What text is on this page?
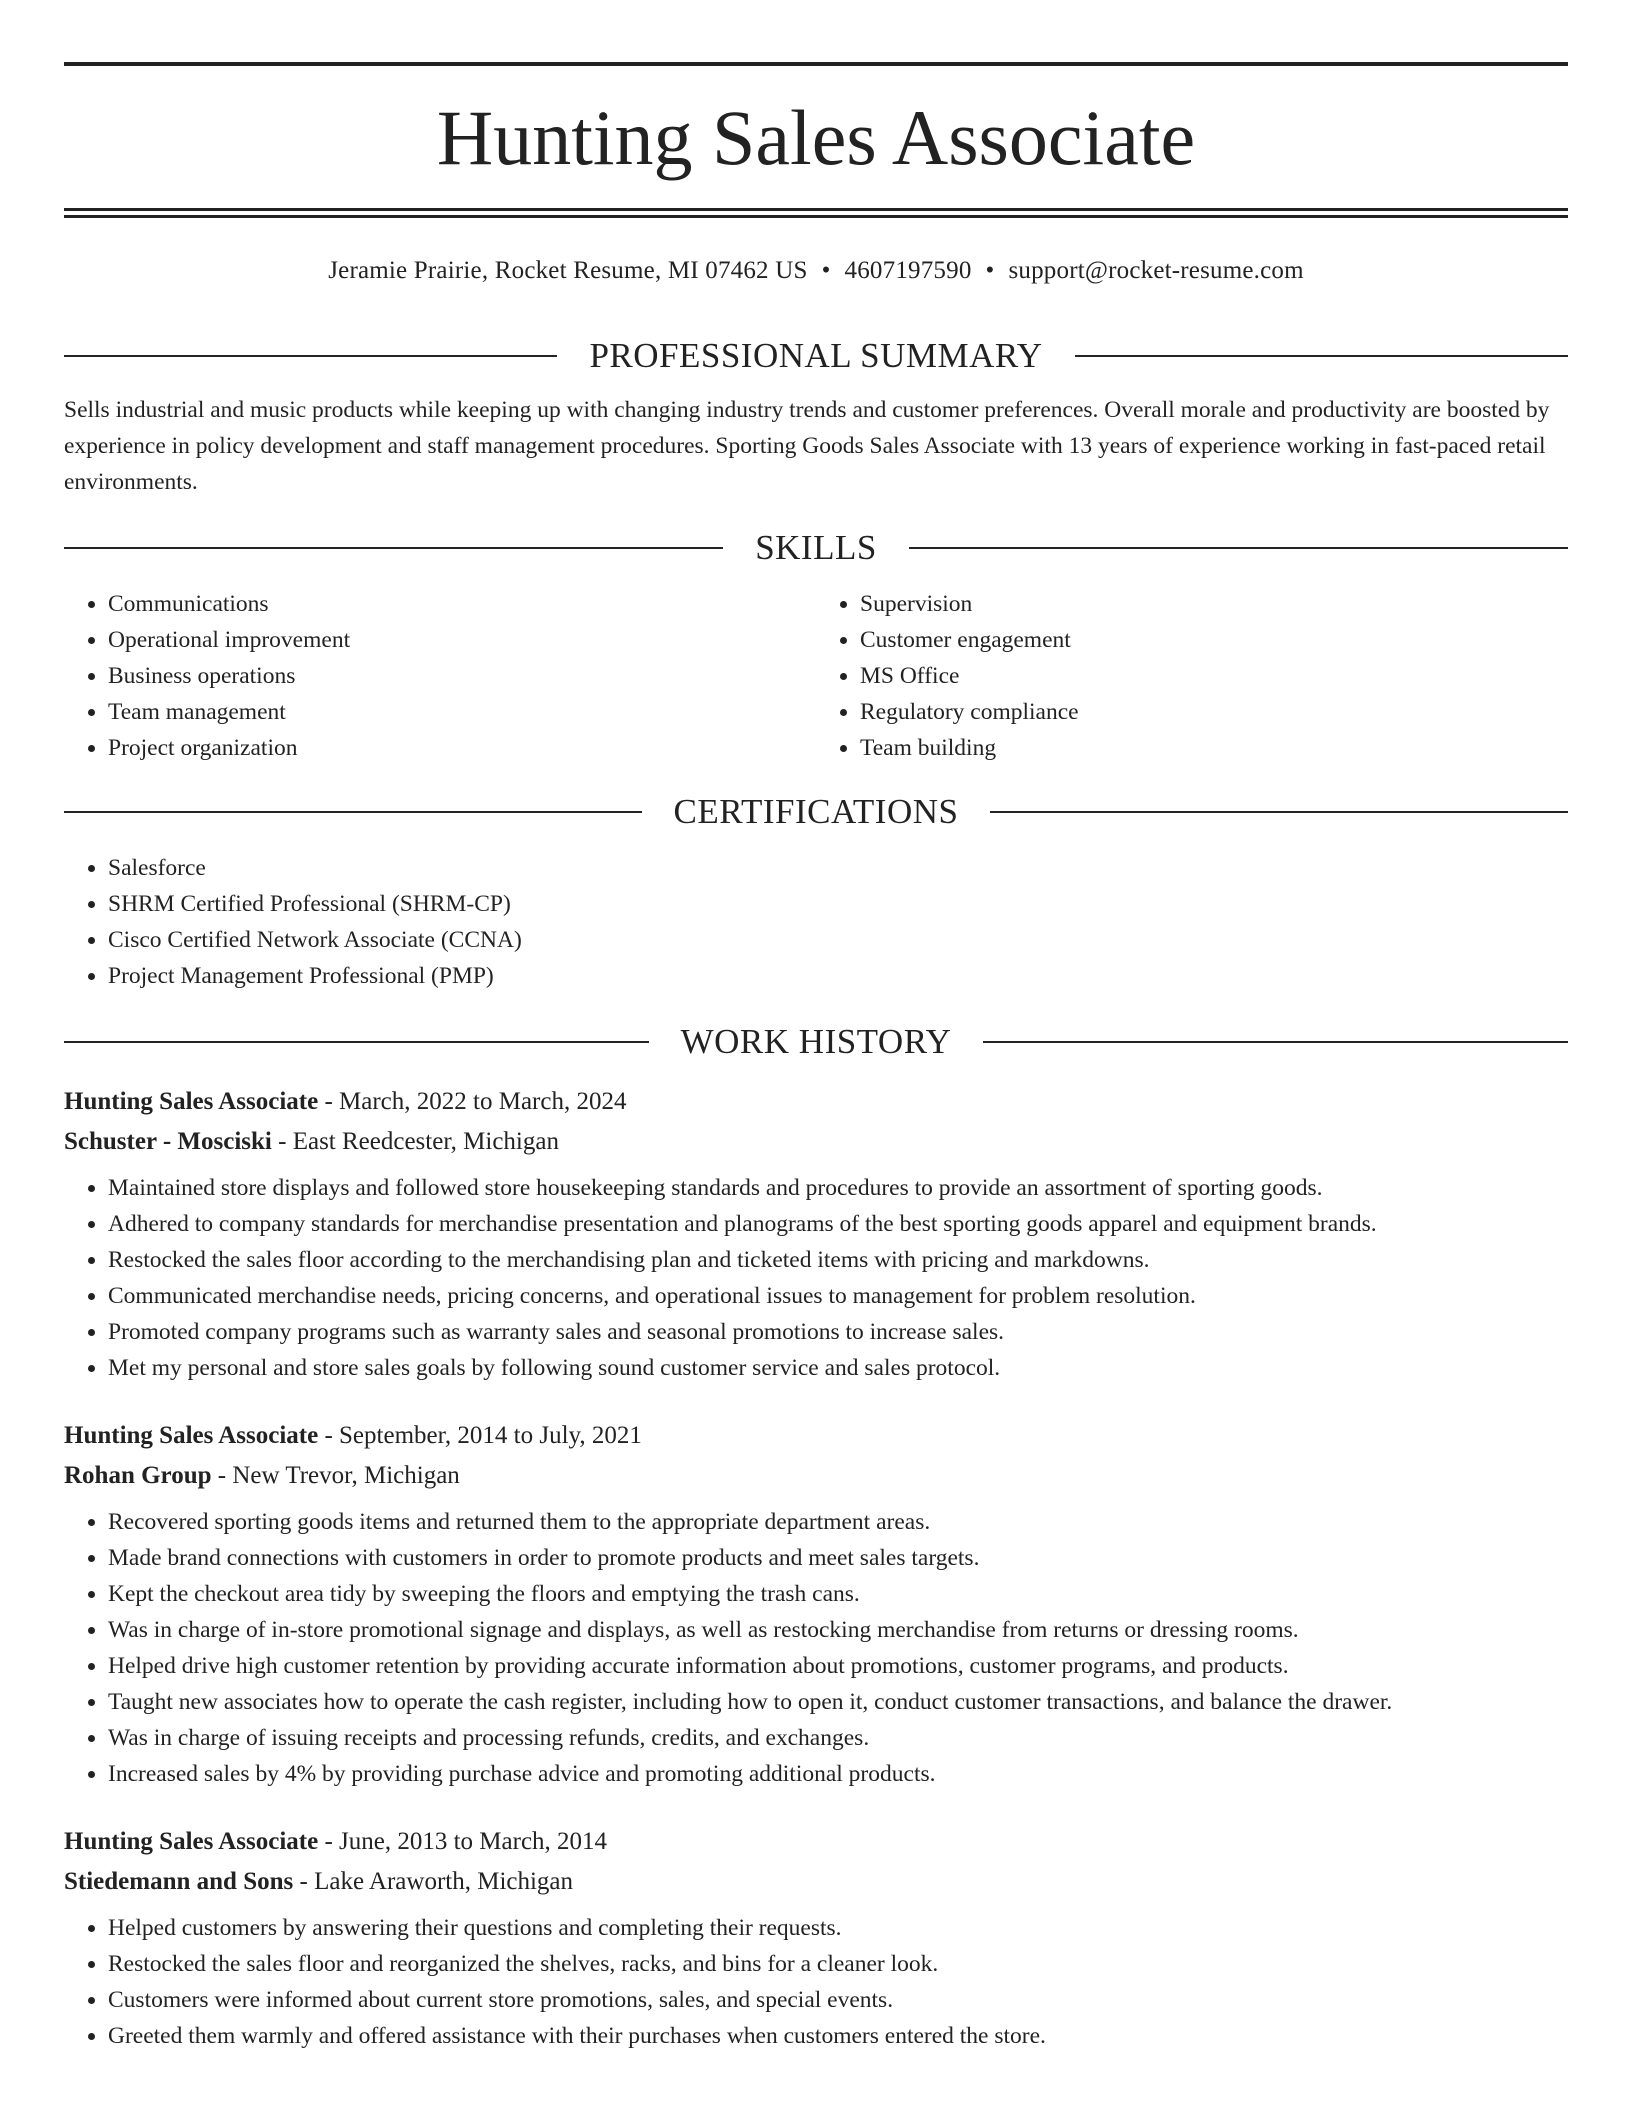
Hunting Sales Associate
Jeramie Prairie, Rocket Resume, MI 07462 US • 4607197590 • support@rocket-resume.com
PROFESSIONAL SUMMARY

Sells industrial and music products while keeping up with changing industry trends and customer preferences. Overall morale and productivity are boosted by experience in policy development and staff management procedures. Sporting Goods Sales Associate with 13 years of experience working in fast-paced retail environments.

SKILLS
• Communications
• Operational improvement
• Business operations
• Team management
• Project organization
• Supervision
• Customer engagement
• MS Office
• Regulatory compliance
• Team building
CERTIFICATIONS
• Salesforce
• SHRM Certified Professional (SHRM-CP)
• Cisco Certified Network Associate (CCNA)
• Project Management Professional (PMP)
WORK HISTORY

Hunting Sales Associate - March, 2022 to March, 2024

Schuster - Mosciski - East Reedcester, Michigan

• Maintained store displays and followed store housekeeping standards and procedures to provide an assortment of sporting goods.
• Adhered to company standards for merchandise presentation and planograms of the best sporting goods apparel and equipment brands.
• Restocked the sales floor according to the merchandising plan and ticketed items with pricing and markdowns.
• Communicated merchandise needs, pricing concerns, and operational issues to management for problem resolution.
• Promoted company programs such as warranty sales and seasonal promotions to increase sales.
• Met my personal and store sales goals by following sound customer service and sales protocol.

Hunting Sales Associate - September, 2014 to July, 2021

Rohan Group - New Trevor, Michigan

• Recovered sporting goods items and returned them to the appropriate department areas.
• Made brand connections with customers in order to promote products and meet sales targets.
• Kept the checkout area tidy by sweeping the floors and emptying the trash cans.
• Was in charge of in-store promotional signage and displays, as well as restocking merchandise from returns or dressing rooms.
• Helped drive high customer retention by providing accurate information about promotions, customer programs, and products.
• Taught new associates how to operate the cash register, including how to open it, conduct customer transactions, and balance the drawer.
• Was in charge of issuing receipts and processing refunds, credits, and exchanges.
• Increased sales by 4% by providing purchase advice and promoting additional products.

Hunting Sales Associate - June, 2013 to March, 2014

Stiedemann and Sons - Lake Araworth, Michigan

• Helped customers by answering their questions and completing their requests.
• Restocked the sales floor and reorganized the shelves, racks, and bins for a cleaner look.
• Customers were informed about current store promotions, sales, and special events.
• Greeted them warmly and offered assistance with their purchases when customers entered the store.
